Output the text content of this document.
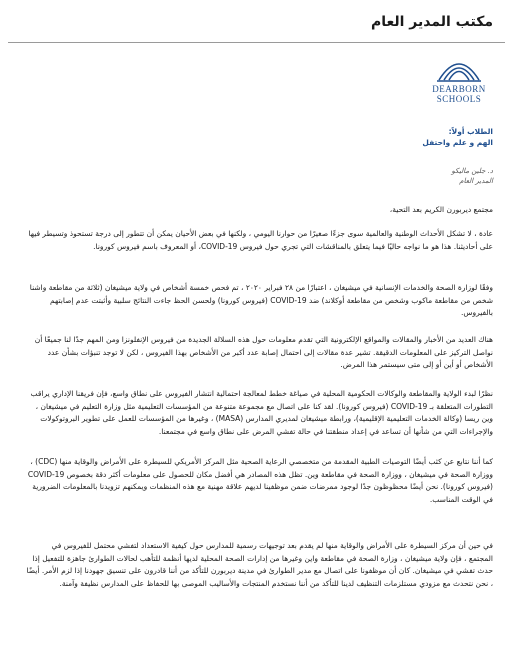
مكتب المدير العام
DEARBORN
SCHOOLS
الطلاب أولاً:
الهم و علم واحتفل
د. جلين ماليكو
المدير العام
مجتمع ديربورن الكريم بعد التحية،

عادة ، لا تشكل الأحداث الوطنية والعالمية سوى جزءًا صغيرًا من حوارنا اليومي ، ولكنها في بعض الأحيان يمكن أن تتطور إلى درجة تستحوذ وتسيطر فيها على أحاديثنا. هذا هو ما نواجه حاليًا فيما يتعلق بالمناقشات التي تجري حول فيروس COVID-19، أو المعروف باسم فيروس كورونا.

وفقًا لوزارة الصحة والخدمات الإنسانية في ميشيغان ، اعتبارًا من ٢٨ فبراير ٢٠٢٠ ، تم فحص خمسة أشخاص في ولاية ميشيغان (ثلاثة من مقاطعة واشنا شخص من مقاطعة ماكوب وشخص من مقاطعة أوكلاند) ضد COVID-19 (فيروس كورونا) ولحسن الحظ جاءت النتائج سلبية وأثبتت عدم إصابتهم بالفيروس.

هناك العديد من الأخبار والمقالات والمواقع الإلكترونية التي تقدم معلومات حول هذه السلالة الجديدة من فيروس الإنفلونزا ومن المهم جدًا لنا جميعًا أن نواصل التركيز على المعلومات الدقيقة. تشير عدة مقالات إلى احتمال إصابة عدد أكبر من الأشخاص بهذا الفيروس ، لكن لا توجد تنبؤات بشأن عدد الأشخاص أو أين أو إلى متى سيستمر هذا المرض.

نظرًا لبدء الولاية والمقاطعة والوكالات الحكومية المحلية في صياغة خطط لمعالجة احتمالية انتشار الفيروس على نطاق واسع، فإن فريقنا الإداري يراقب التطورات المتعلقة بـ COVID-19 (فيروس كورونا). لقد كنا على اتصال مع مجموعة متنوعة من المؤسسات التعليمية مثل وزارة التعليم في ميشيغان ، وين ريسا (وكالة الخدمات التعليمية الإقليمية)، ورابطة ميشيغان لمديري المدارس (MASA) ، وغيرها من المؤسسات للعمل على تطوير البروتوكولات والإجراءات التي من شأنها أن تساعد في إعداد منطقتنا في حالة تفشي المرض على نطاق واسع في مجتمعنا.

كما أننا نتابع عن كثب أيضًا التوصيات الطبية المقدمة من متخصصي الرعاية الصحية مثل المركز الأمريكي للسيطرة على الأمراض والوقاية منها (CDC) ، ووزارة الصحة في ميشيغان ، ووزارة الصحة في مقاطعة وين. تظل هذه المصادر هي أفضل مكان للحصول على معلومات أكثر دقة بخصوص COVID-19 (فيروس كورونا). نحن أيضًا محظوظون جدًا لوجود ممرضات ضمن موظفينا لديهم علاقة مهنية مع هذه المنظمات ويمكنهم تزويدنا بالمعلومات الضرورية في الوقت المناسب.

في حين أن مركز السيطرة على الأمراض والوقاية منها لم يقدم بعد توجيهات رسمية للمدارس حول كيفية الاستعداد لتفشي محتمل للفيروس في المجتمع ، فإن ولاية ميشيغان ، وزارة الصحة في مقاطعة واين وغيرها من إدارات الصحة المحلية لديها أنظمة للتأهب لحالات الطوارئ جاهزة للتفعيل إذا حدث تفشي في ميشيغان. كان أن موظفونا على اتصال مع مدير الطوارئ في مدينة ديربورن للتأكد من أننا قادرون على تنسيق جهودنا إذا لزم الأمر. أيضًا ، نحن نتحدث مع مزودي مستلزمات التنظيف لدينا للتأكد من أننا نستخدم المنتجات والأساليب الموصى بها للحفاظ على المدارس نظيفة وآمنة.
